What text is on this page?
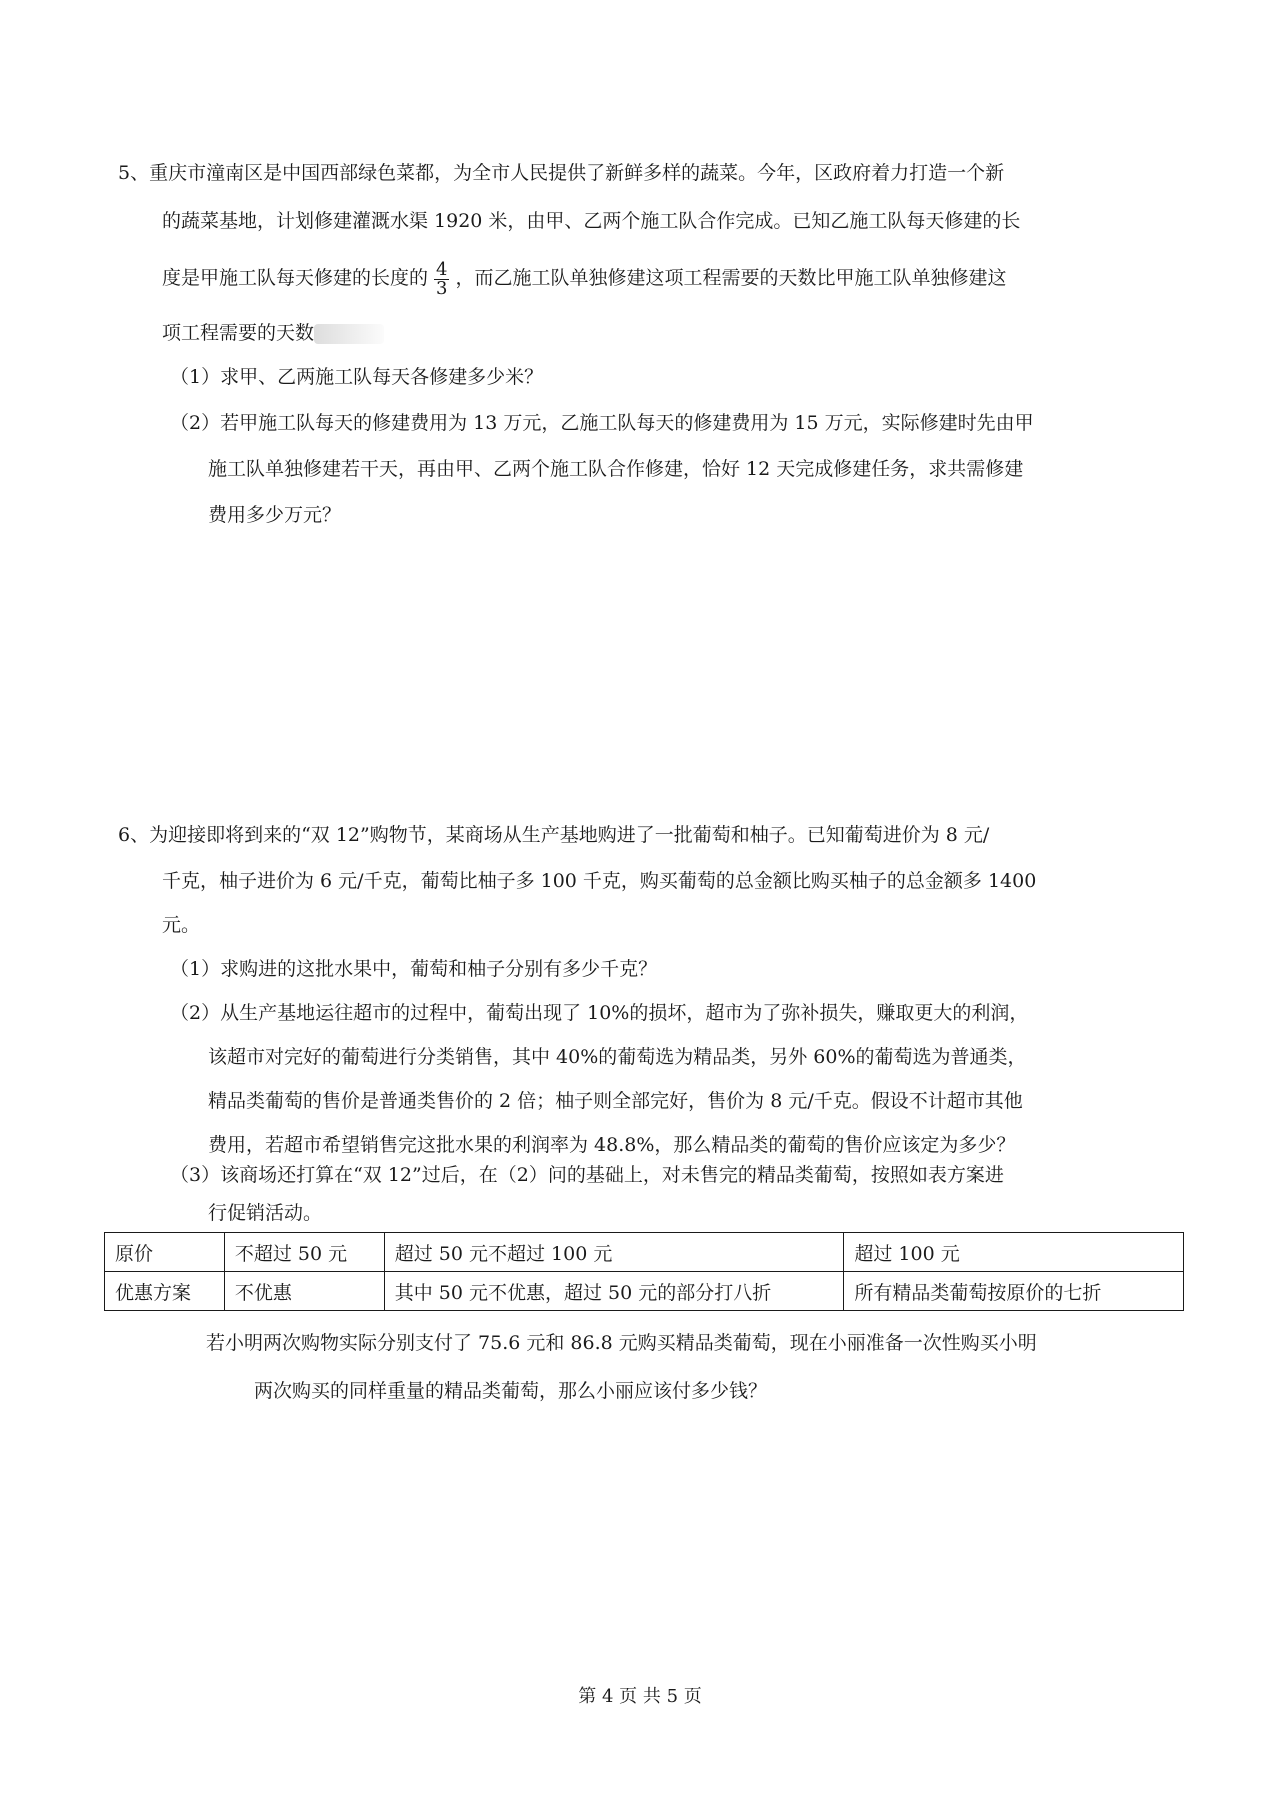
5、重庆市潼南区是中国西部绿色菜都，为全市人民提供了新鲜多样的蔬菜。今年，区政府着力打造一个新
的蔬菜基地，计划修建灌溉水渠 1920 米，由甲、乙两个施工队合作完成。已知乙施工队每天修建的长
度是甲施工队每天修建的长度的 $\frac{4}{3}$ ，而乙施工队单独修建这项工程需要的天数比甲施工队单独修建这
项工程需要的天数
（1）求甲、乙两施工队每天各修建多少米？
（2）若甲施工队每天的修建费用为 13 万元，乙施工队每天的修建费用为 15 万元，实际修建时先由甲
施工队单独修建若干天，再由甲、乙两个施工队合作修建，恰好 12 天完成修建任务，求共需修建
费用多少万元？
6、为迎接即将到来的“双 12”购物节，某商场从生产基地购进了一批葡萄和柚子。已知葡萄进价为 8 元/
千克，柚子进价为 6 元/千克，葡萄比柚子多 100 千克，购买葡萄的总金额比购买柚子的总金额多 1400
元。
（1）求购进的这批水果中，葡萄和柚子分别有多少千克？
（2）从生产基地运往超市的过程中，葡萄出现了 10%的损坏，超市为了弥补损失，赚取更大的利润，
该超市对完好的葡萄进行分类销售，其中 40%的葡萄选为精品类，另外 60%的葡萄选为普通类，
精品类葡萄的售价是普通类售价的 2 倍；柚子则全部完好，售价为 8 元/千克。假设不计超市其他
费用，若超市希望销售完这批水果的利润率为 48.8%，那么精品类的葡萄的售价应该定为多少？
（3）该商场还打算在“双 12”过后，在（2）问的基础上，对未售完的精品类葡萄，按照如表方案进
行促销活动。
原价	不超过 50 元	超过 50 元不超过 100 元	超过 100 元
优惠方案	不优惠	其中 50 元不优惠，超过 50 元的部分打八折	所有精品类葡萄按原价的七折
若小明两次购物实际分别支付了 75.6 元和 86.8 元购买精品类葡萄，现在小丽准备一次性购买小明
两次购买的同样重量的精品类葡萄，那么小丽应该付多少钱？
第 4 页 共 5 页
